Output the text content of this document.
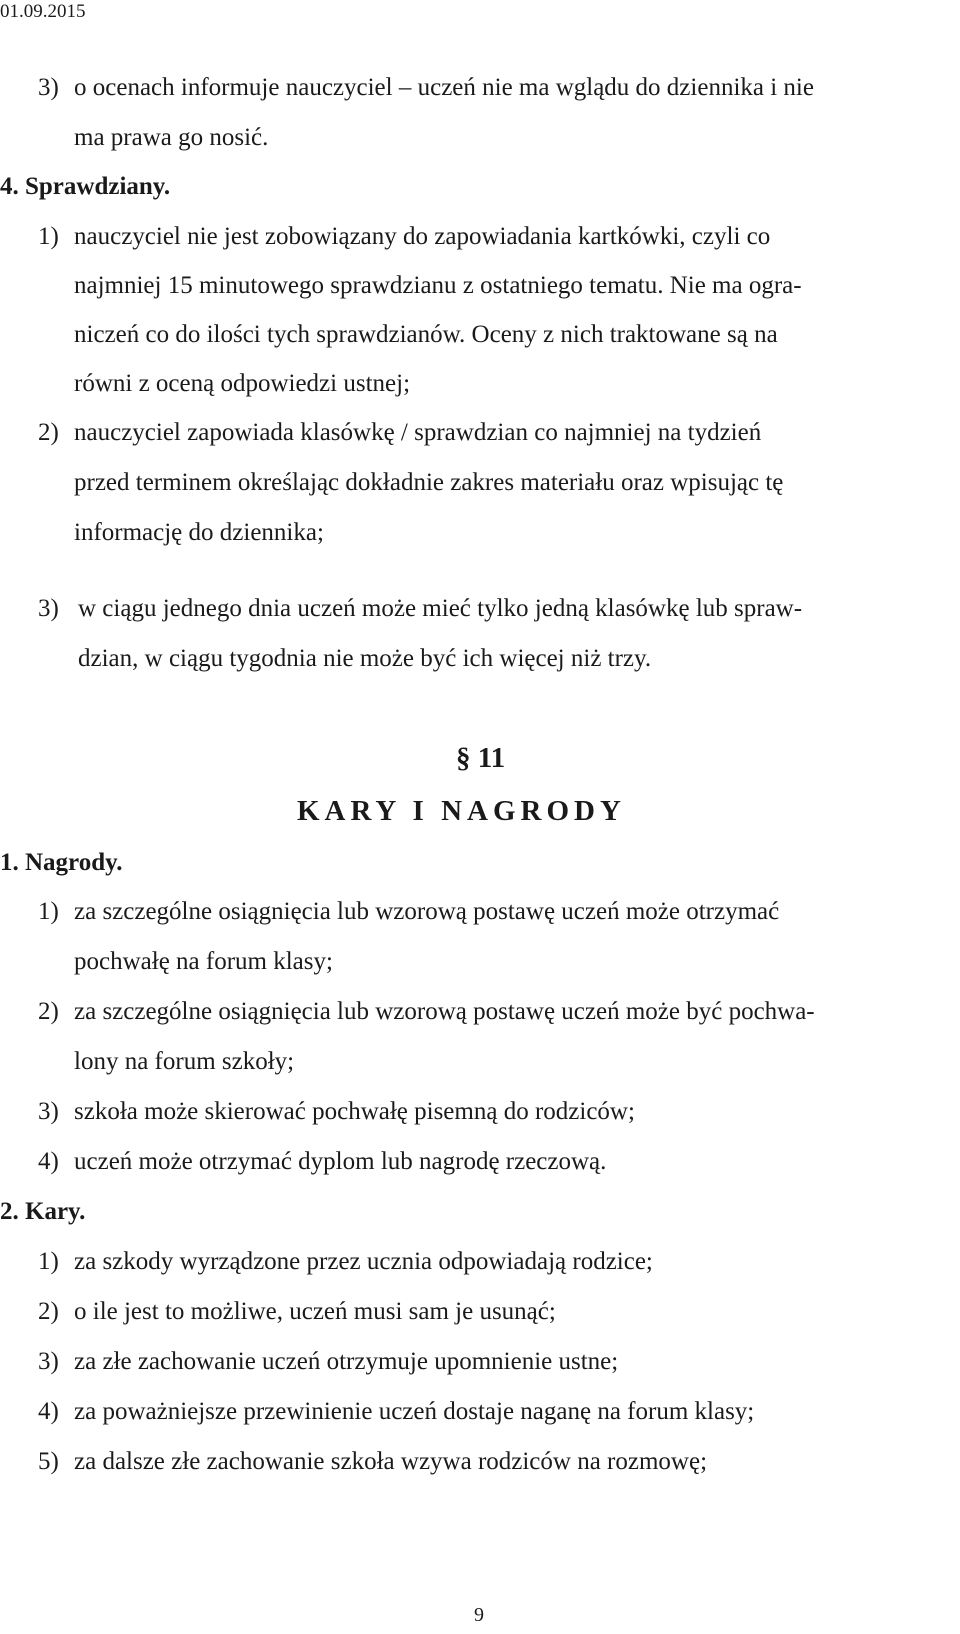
01.09.2015
3) o ocenach informuje nauczyciel – uczeń nie ma wglądu do dziennika i nie
ma prawa go nosić.
4. Sprawdziany.
1) nauczyciel nie jest zobowiązany do zapowiadania kartkówki, czyli co
najmniej 15 minutowego sprawdzianu z ostatniego tematu. Nie ma ogra-
niczeń co do ilości tych sprawdzianów. Oceny z nich traktowane są na
równi z oceną odpowiedzi ustnej;
2) nauczyciel zapowiada klasówkę / sprawdzian co najmniej na tydzień
przed terminem określając dokładnie zakres materiału oraz wpisując tę
informację do dziennika;
3) w ciągu jednego dnia uczeń może mieć tylko jedną klasówkę lub spraw-
dzian, w ciągu tygodnia nie może być ich więcej niż trzy.
§ 11
KARY I NAGRODY
1. Nagrody.
1) za szczególne osiągnięcia lub wzorową postawę uczeń może otrzymać
pochwałę na forum klasy;
2) za szczególne osiągnięcia lub wzorową postawę uczeń może być pochwa-
lony na forum szkoły;
3) szkoła może skierować pochwałę pisemną do rodziców;
4) uczeń może otrzymać dyplom lub nagrodę rzeczową.
2. Kary.
1) za szkody wyrządzone przez ucznia odpowiadają rodzice;
2) o ile jest to możliwe, uczeń musi sam je usunąć;
3) za złe zachowanie uczeń otrzymuje upomnienie ustne;
4) za poważniejsze przewinienie uczeń dostaje naganę na forum klasy;
5) za dalsze złe zachowanie szkoła wzywa rodziców na rozmowę;
9
